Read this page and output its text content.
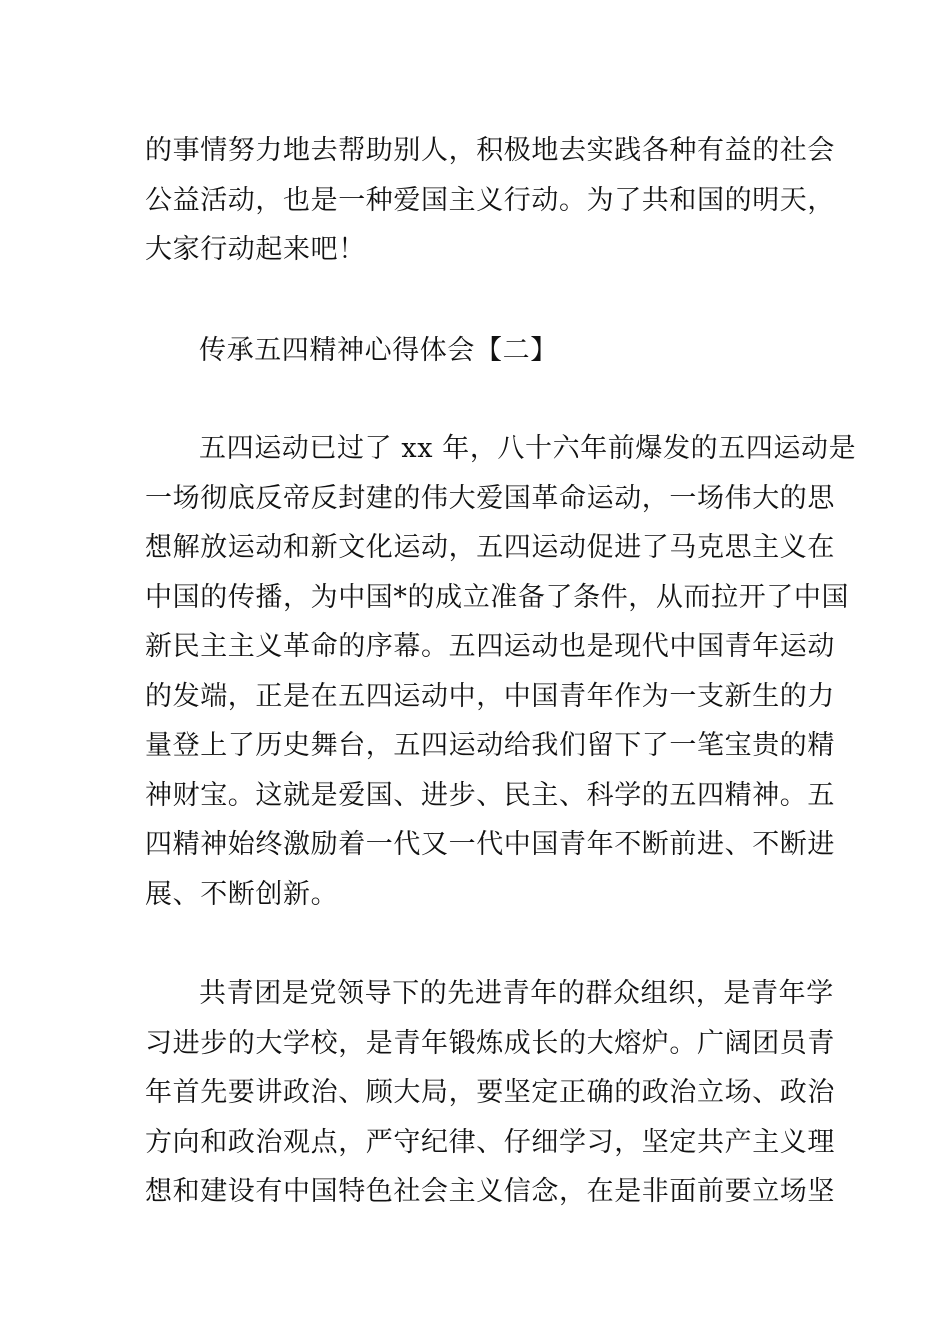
的事情努力地去帮助别人，积极地去实践各种有益的社会
公益活动，也是一种爱国主义行动。为了共和国的明天，
大家行动起来吧！

传承五四精神心得体会【二】

五四运动已过了 xx 年，八十六年前爆发的五四运动是
一场彻底反帝反封建的伟大爱国革命运动，一场伟大的思
想解放运动和新文化运动，五四运动促进了马克思主义在
中国的传播，为中国*的成立准备了条件，从而拉开了中国
新民主主义革命的序幕。五四运动也是现代中国青年运动
的发端，正是在五四运动中，中国青年作为一支新生的力
量登上了历史舞台，五四运动给我们留下了一笔宝贵的精
神财宝。这就是爱国、进步、民主、科学的五四精神。五
四精神始终激励着一代又一代中国青年不断前进、不断进
展、不断创新。

共青团是党领导下的先进青年的群众组织，是青年学
习进步的大学校，是青年锻炼成长的大熔炉。广阔团员青
年首先要讲政治、顾大局，要坚定正确的政治立场、政治
方向和政治观点，严守纪律、仔细学习，坚定共产主义理
想和建设有中国特色社会主义信念，在是非面前要立场坚
